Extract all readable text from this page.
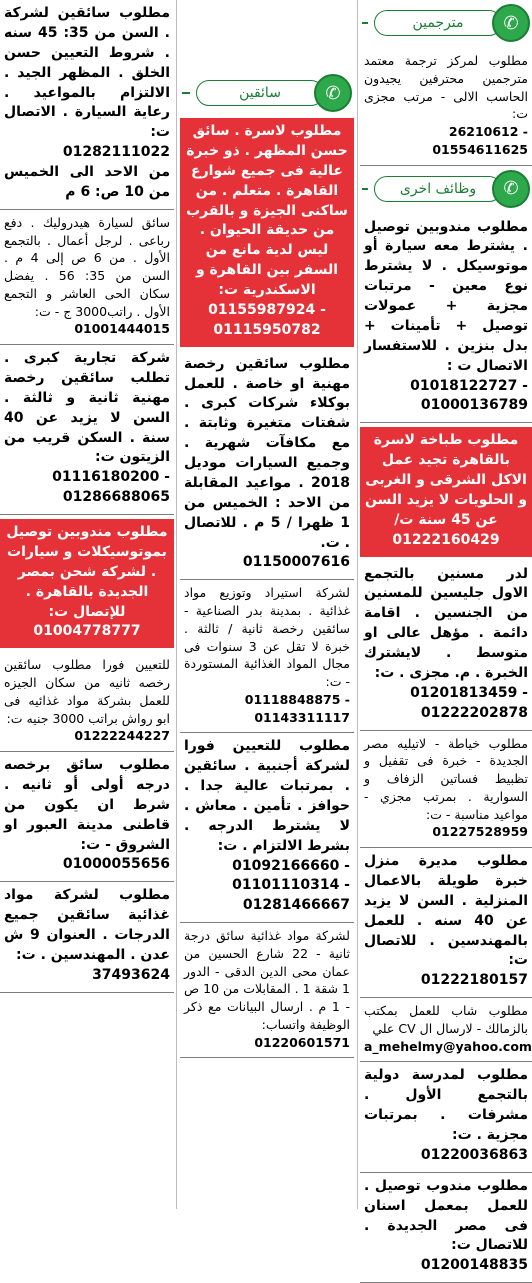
✆
مترجمين

مطلوب لمركز ترجمة معتمد مترجمين محترفين يجيدون الحاسب الالى - مرتب مجزى ت:

26210612 - 01554611625
✆
وظائف اخرى

مطلوب مندوبين توصيل . يشترط معه سيارة أو موتوسيكل . لا يشترط نوع معين - مرتبات مجزية + عمولات توصيل + تأمينات + بدل بنزين . للاستفسار الاتصال ت :

01018122727 - 01000136789

مطلوب طباخة لاسرة بالقاهرة تجيد عمل الاكل الشرقى و الغربى و الحلويات لا يزيد السن عن 45 سنة ت/

01222160429

لدر مسنين بالتجمع الاول جليسين للمسنين من الجنسين . اقامة دائمة . مؤهل عالى او متوسط . لايشترك الخبرة . م. مجزى . ت:

01201813459 - 01222202878

مطلوب خياطة - لاتيليه مصر الجديدة - خبرة فى تقفيل و تظبيط فساتين الزفاف و السوارية . بمرتب مجزي - مواعيد مناسبة - ت:

01227528959

مطلوب مديرة منزل خبرة طويلة بالاعمال المنزلية . السن لا يزيد عن 40 سنه . للعمل بالمهندسين . للاتصال ت:

01222180157

مطلوب شاب للعمل بمكتب بالزمالك - لارسال ال CV علي

a_mehelmy@yahoo.com

مطلوب لمدرسة دولية بالتجمع الأول . مشرفات . بمرتبات مجزية . ت:

01220036863

مطلوب مندوب توصيل . للعمل بمعمل اسنان فى مصر الجديدة . للاتصال ت:

01200148835
✆
سائقين

مطلوب لاسرة . سائق حسن المظهر . ذو خبرة عالية فى جميع شوارع القاهرة . متعلم . من ساكنى الجيزة و بالقرب من حديقة الحيوان . ليس لدية مانع من السفر بين القاهرة و الاسكندرية ت:

01155987924 - 01115950782

مطلوب سائقين رخصة مهنية او خاصة . للعمل بوكلاء شركات كبرى . شفتات متغيرة وثابتة . مع مكافآت شهرية . وجميع السيارات موديل 2018 . مواعيد المقابلة من الاحد : الخميس من 1 ظهرا / 5 م . للاتصال . ت.

01150007616

لشركة استيراد وتوزيع مواد غذائية . بمدينة بدر الصناعية - سائقين رخصة ثانية / ثالثة . خبرة لا تقل عن 3 سنوات فى مجال المواد الغذائية المستوردة - ت:

01118848875 - 01143311117

مطلوب للتعيين فورا لشركة أجنبية . سائقين . بمرتبات عالية جدا . حوافز . تأمين . معاش . لا يشترط الدرجه . بشرط الالتزام . ت:

01092166660 - 01101110314 - 01281466667

لشركة مواد غذائية سائق درجة ثانية - 22 شارع الحسين من عمان محى الدين الدقى - الدور 1 شقة 1 . المقابلات من 10 ص - 1 م . ارسال البيانات مع ذكر الوظيفة واتساب:

01220601571

مطلوب سائقين لشركة . السن من 35: 45 سنه . شروط التعيين حسن الخلق . المظهر الجيد . الالتزام بالمواعيد . رعاية السيارة . الاتصال ت:

01282111022

من الاحد الى الخميس من 10 ص: 6 م

سائق لسيارة هيدروليك . دفع رباعى . لرجل أعمال . بالتجمع الأول . من 6 ص إلى 4 م . السن من 35: 56 . يفضل سكان الحى العاشر و التجمع الأول . راتب3000 ج - ت:

01001444015

شركة تجارية كبرى . تطلب سائقين رخصة مهنية ثانية و ثالثة . السن لا يزيد عن 40 سنة . السكن قريب من الزيتون ت:

01116180200 - 01286688065

مطلوب مندوبين توصيل بموتوسيكلات و سيارات . لشركة شحن بمصر الجديدة بالقاهرة . للإتصال ت:

01004778777

للتعيين فورا مطلوب سائقين رخصه ثانيه من سكان الجيزه للعمل بشركة مواد غذائيه فى ابو رواش براتب 3000 جنيه ت:

01222244227

مطلوب سائق برخصه درجه أولى أو ثانيه . شرط ان يكون من قاطنى مدينة العبور او الشروق - ت:

01000055656

مطلوب لشركة مواد غذائية سائقين جميع الدرجات . العنوان 9 ش عدن . المهندسين . ت:

37493624
